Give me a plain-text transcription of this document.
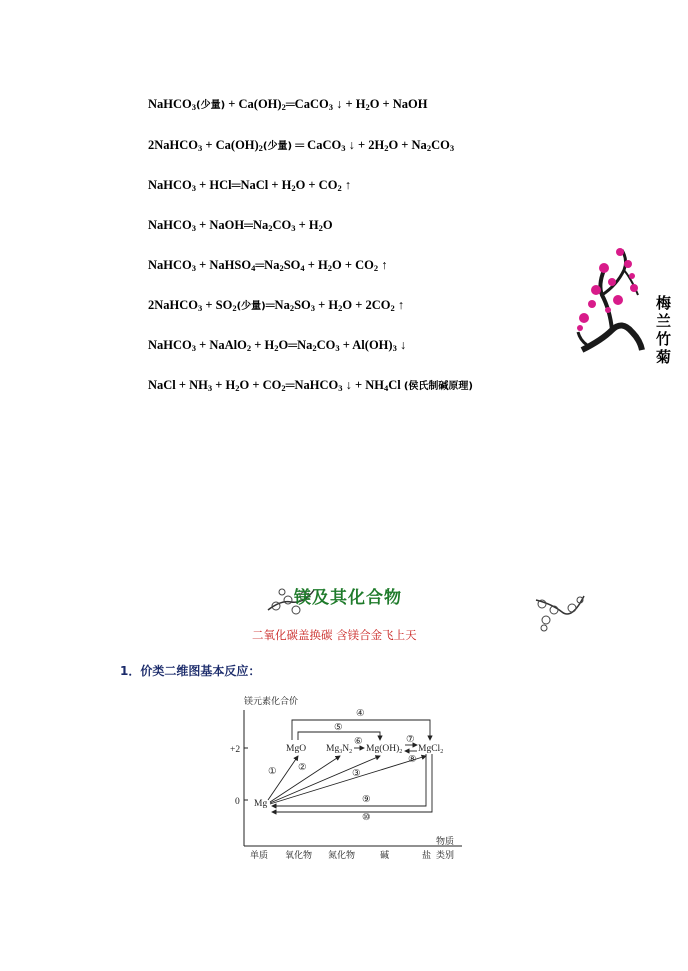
NaHCO$_3$(少量) + $Ca(OH)_2═CaCO_3$ ↓ + $H_2O$ + NaOH
2NaHCO$_3$ + $Ca(OH)_2$(少量) ═ CaCO$_3$ ↓ + $2H_2O + Na_2CO_3$
NaHCO$_3$ + HCl═NaCl + $H_2O + CO_2$ ↑
NaHCO$_3$ + $NaOH═Na_2CO_3 + H_2O$
NaHCO$_3$ + $NaHSO_4═Na_2SO_4 + H_2O + CO_2$ ↑
2NaHCO$_3$ + $SO_2$(少量)$═Na_2SO_3 + H_2O + 2CO_2$ ↑
NaHCO$_3$ + NaAlO$_2$ + $H_2O═Na_2CO_3 + Al(OH)_3$ ↓
NaCl + $NH_3 + H_2O$ + $CO_2═NaHCO_3$ ↓ + $NH_4Cl$ (侯氏制碱原理)
梅
兰
竹
菊
镁及其化合物
二氧化碳盖换碳 含镁合金飞上天
1．价类二维图基本反应：
镁元素化合价
+2
0
单质 氧化物 氮化物	碱	盐
物质
类别
Mg
MgO $Mg_3N_2$ $Mg(OH)_2$ MgCl$_2$
① ②
③
④
⑤
⑥	⑦
⑧
⑨
⑩
